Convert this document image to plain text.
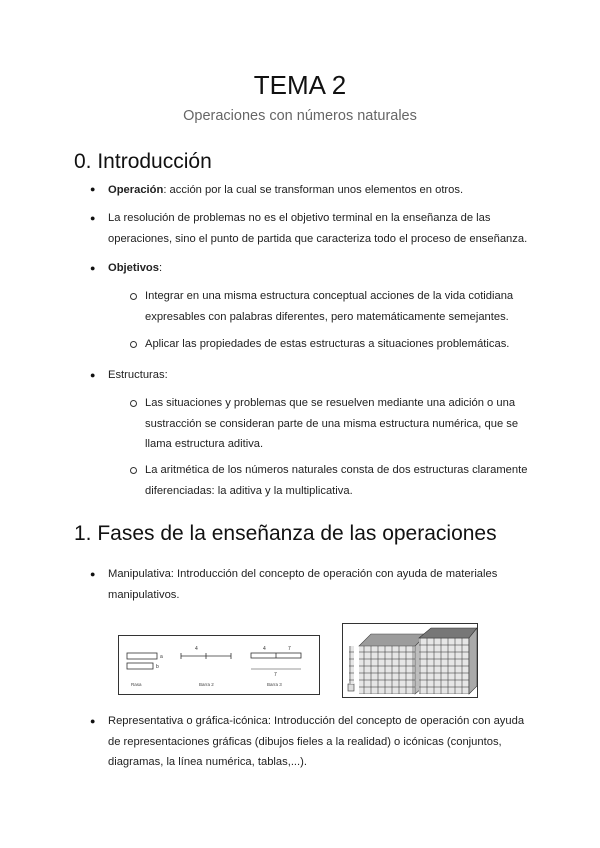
TEMA 2

Operaciones con números naturales

0. Introducción
● Operación: acción por la cual se transforman unos elementos en otros.

● La resolución de problemas no es el objetivo terminal en la enseñanza de las
operaciones, sino el punto de partida que caracteriza todo el proceso de enseñanza.

● Objetivos:

Integrar en una misma estructura conceptual acciones de la vida cotidiana
expresables con palabras diferentes, pero matemáticamente semejantes.

Aplicar las propiedades de estas estructuras a situaciones problemáticas.

● Estructuras:

Las situaciones y problemas que se resuelven mediante una adición o una
sustracción se consideran parte de una misma estructura numérica, que se
llama estructura aditiva.

La aritmética de los números naturales consta de dos estructuras claramente
diferenciadas: la aditiva y la multiplicativa.

1. Fases de la enseñanza de las operaciones
● Manipulativa: Introducción del concepto de operación con ayuda de materiales
manipulativos.

a
b
4	4	7
7
Rasa	Barra 2	Barra 3
● Representativa o gráfica-icónica: Introducción del concepto de operación con ayuda
de representaciones gráficas (dibujos fieles a la realidad) o icónicas (conjuntos,
diagramas, la línea numérica, tablas,...).
